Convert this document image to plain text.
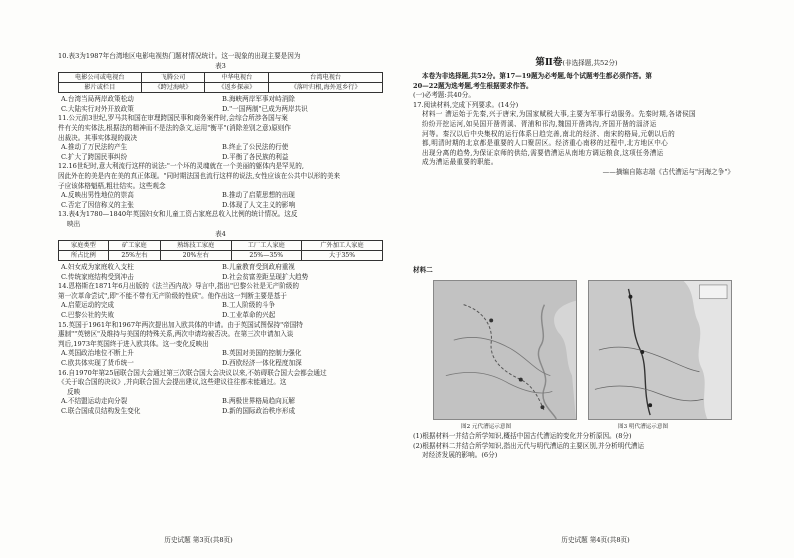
10.表3为1987年台湾地区电影电视热门题材情况统计。这一现象的出现主要是因为
表3
电影公司或电视台	飞腾公司	中华电视台	台湾电视台
影片或栏目	《跨过海峡》	《返乡探亲》	《落叶归根,海外返乡行》
A.台湾当局两岸政策松动	B.海峡两岸军事对峙消除
C.大陆实行对外开放政策	D."一国两制"已成为两岸共识
11.公元前3世纪,罗马共和国在审理跨国民事和商务案件时,会综合所涉各国与案
件有关的实体法,根据法的精神而不是法的条文,运用"衡平"(消除差别之意)原则作
出裁决。其事实体现的裁决
A.推动了万民法的产生	B.终止了公民法的行使
C.扩大了跨国民事纠纷	D.平衡了各民族的利益
12.16世纪时,意大利流行这样的说法:"一个坏的灵魂就在一个美丽的躯体内是罕见的,
因此外在的美是内在美的真正体现。"同时期法国也流行这样的说法,女性应该在公共中以形的美来
子应该体格魁梧,粗壮结实。这些观念
A.反映出男性地位的崇高	B.推动了启蒙思想的出现
C.否定了因信称义的主张	D.体现了人文主义的影响
13.表4为1780—1840年英国妇女和儿童工资占家庭总收入比例的统计情况。这反
映出
表4
家庭类型	矿工家庭	熟练技工家庭	工厂工人家庭	广外加工人家庭
所占比例	25%左右	20%左右	25%—35%	大于35%
A.妇女成为家庭收入支柱	B.儿童教育受到政府重视
C.传统家庭结构受到冲击	D.社会贫富差距呈现扩大趋势
14.恩格斯在1871年6月出版的《法兰西内战》导言中,指出"巴黎公社是无产阶级的
第一次革命尝试",即"不能不带有无产阶级的性质"。他作出这一判断主要是基于
A.启蒙运动的完成	B.工人阶级的斗争
C.巴黎公社的失败	D.工业革命的兴起
15.英国于1961年和1967年两次提出加入欧共体的申请。由于英国试图保持"帝国特
惠制""英镑区"及维持与美国的特殊关系,两次申请均被否决。在第三次申请加入谈
判后,1973年英国终于进入欧共体。这一变化反映出
A.英国政治地位不断上升	B.英国对美国的控制力强化
C.欧共体实现了货币统一	D.西欧经济一体化程度加深
16.自1970年第25届联合国大会通过第三次联合国大会决议以来,不妨碍联合国大会都会通过
《关于取合国的决议》,并向联合国大会提出建议,这些建议往往都未能通过。这
反映
A.不结盟运动走向分裂	B.两极世界格局趋向瓦解
C.联合国成员结构发生变化	D.新的国际政治秩序形成
历史试题 第3页(共8页)
第Ⅱ卷(非选择题,共52分)
本卷为非选择题,共52分。第17—19题为必考题,每个试题考生都必须作答。第
20—22题为选考题,考生根据要求作答。
(一)必考题:共40分。
17.阅读材料,完成下列要求。(14分)
材料一 漕运始于先秦,兴于唐宋,为国家赋税大事,主要为军事行动服务。先秦时期,各诸侯国
纷纷开挖运河,如吴国开凿胥溪、胥浦和邗沟,魏国开凿鸿沟,齐国开凿的淄济运
河等。秦汉以后中央集权的运行体系日趋完善,南北的经济、南宋的格局,元朝以后的
都,明清时期的北京都是重要的人口聚居区。经济重心南移的过程中,北方地区中心
出现分离的趋势,为保证京师的供给,需要借漕运从南地方调运粮食,这项任务漕运
成为漕运最重要的职能。
——摘编自陈志端《古代漕运与"河海之争"》
材料二
图2 元代漕运示意图	图3 明代漕运示意图
(1)根据材料一并结合所学知识,概括中国古代漕运的变化并分析原因。(8分)
(2)根据材料二并结合所学知识,指出元代与明代漕运的主要区别,并分析明代漕运
对经济发展的影响。(6分)
历史试题 第4页(共8页)
